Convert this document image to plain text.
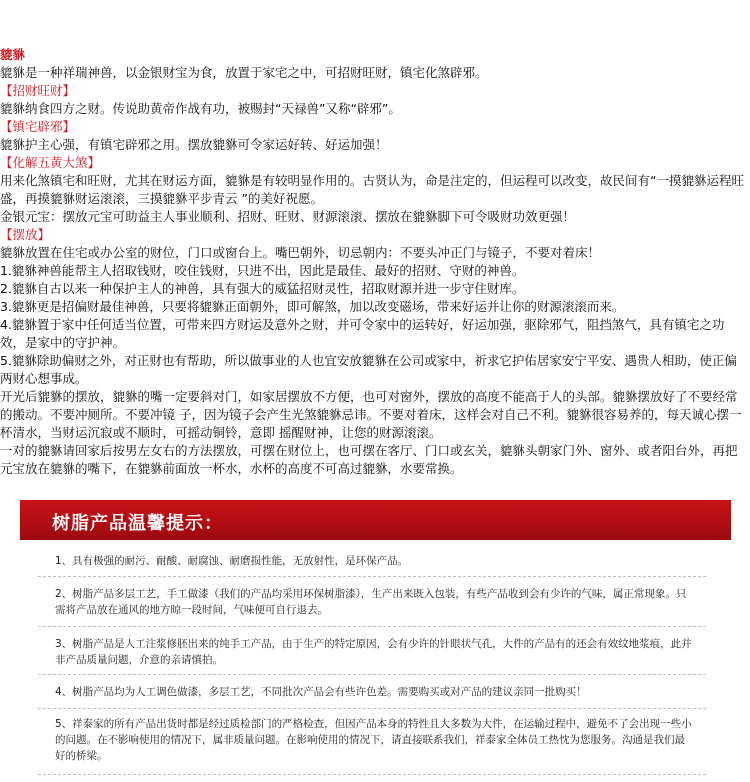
貔貅

貔貅是一种祥瑞神兽，以金银财宝为食，放置于家宅之中，可招财旺财，镇宅化煞辟邪。

【招财旺财】

貔貅纳食四方之财。传说助黄帝作战有功，被赐封“天禄兽”又称“辟邪”。

【镇宅辟邪】

貔貅护主心强，有镇宅辟邪之用。摆放貔貅可令家运好转、好运加强！

【化解五黄大煞】

用来化煞镇宅和旺财，尤其在财运方面，貔貅是有较明显作用的。古贤认为，命是注定的，但运程可以改变，故民间有“一摸貔貅运程旺盛，再摸貔貅财运滚滚，三摸貔貅平步青云 ”的美好祝愿。

金银元宝：摆放元宝可助益主人事业顺利、招财、旺财、财源滚滚、摆放在貔貅脚下可令吸财功效更强！

【摆放】

貔貅放置在住宅或办公室的财位，门口或窗台上。嘴巴朝外，切忌朝内：不要头冲正门与镜子，不要对着床！

1.貔貅神兽能帮主人招取钱财，咬住钱财，只进不出，因此是最佳、最好的招财、守财的神兽。

2.貔貅自古以来一种保护主人的神兽，具有强大的威猛招财灵性，招取财源并进一步守住财库。

3.貔貅更是招偏财最佳神兽，只要将貔貅正面朝外，即可解煞，加以改变磁场，带来好运并让你的财源滚滚而来。

4.貔貅置于家中任何适当位置，可带来四方财运及意外之财，并可令家中的运转好，好运加强，驱除邪气，阻挡煞气，具有镇宅之功效，是家中的守护神。

5.貔貅除助偏财之外，对正财也有帮助，所以做事业的人也宜安放貔貅在公司或家中，祈求它护佑居家安宁平安、遇贵人相助，使正偏两财心想事成。

开光后貔貅的摆放，貔貅的嘴一定要斜对门，如家居摆放不方便，也可对窗外，摆放的高度不能高于人的头部。貔貅摆放好了不要经常的搬动。不要冲厕所。不要冲镜 子，因为镜子会产生光煞貔貅忌讳。不要对着床，这样会对自己不利。貔貅很容易养的，每天诚心摆一杯清水，当财运沉寂或不顺时，可摇动铜铃，意即 摇醒财神，让您的财源滚滚。

一对的貔貅请回家后按男左女右的方法摆放，可摆在财位上，也可摆在客厅、门口或玄关，貔貅头朝家门外、窗外、或者阳台外，再把元宝放在貔貅的嘴下，在貔貅前面放一杯水，水杯的高度不可高过貔貅，水要常换。

树脂产品温馨提示：
1、具有极强的耐污、耐酸、耐腐蚀、耐磨损性能，无放射性，是环保产品。
2、树脂产品多层工艺，手工做漆（我们的产品均采用环保树脂漆），生产出来既入包装，有些产品收到会有少许的气味，属正常现象。只需将产品放在通风的地方晾一段时间，气味便可自行退去。
3、树脂产品是人工注浆修胚出来的纯手工产品，由于生产的特定原因，会有少许的针眼状气孔，大件的产品有的还会有效纹地浆痕，此并非产品质量问题，介意的亲请慎拍。
4、树脂产品均为人工调色做漆，多层工艺，不同批次产品会有些许色差。需要购买或对产品的建议亲同一批购买！
5、祥泰家的所有产品出货时都是经过质检部门的严格检查，但因产品本身的特性且大多数为大件，在运输过程中，避免不了会出现一些小的问题。在不影响使用的情况下，属非质量问题。在影响使用的情况下，请直接联系我们，祥泰家全体员工热忱为您服务。沟通是我们最好的桥梁。
